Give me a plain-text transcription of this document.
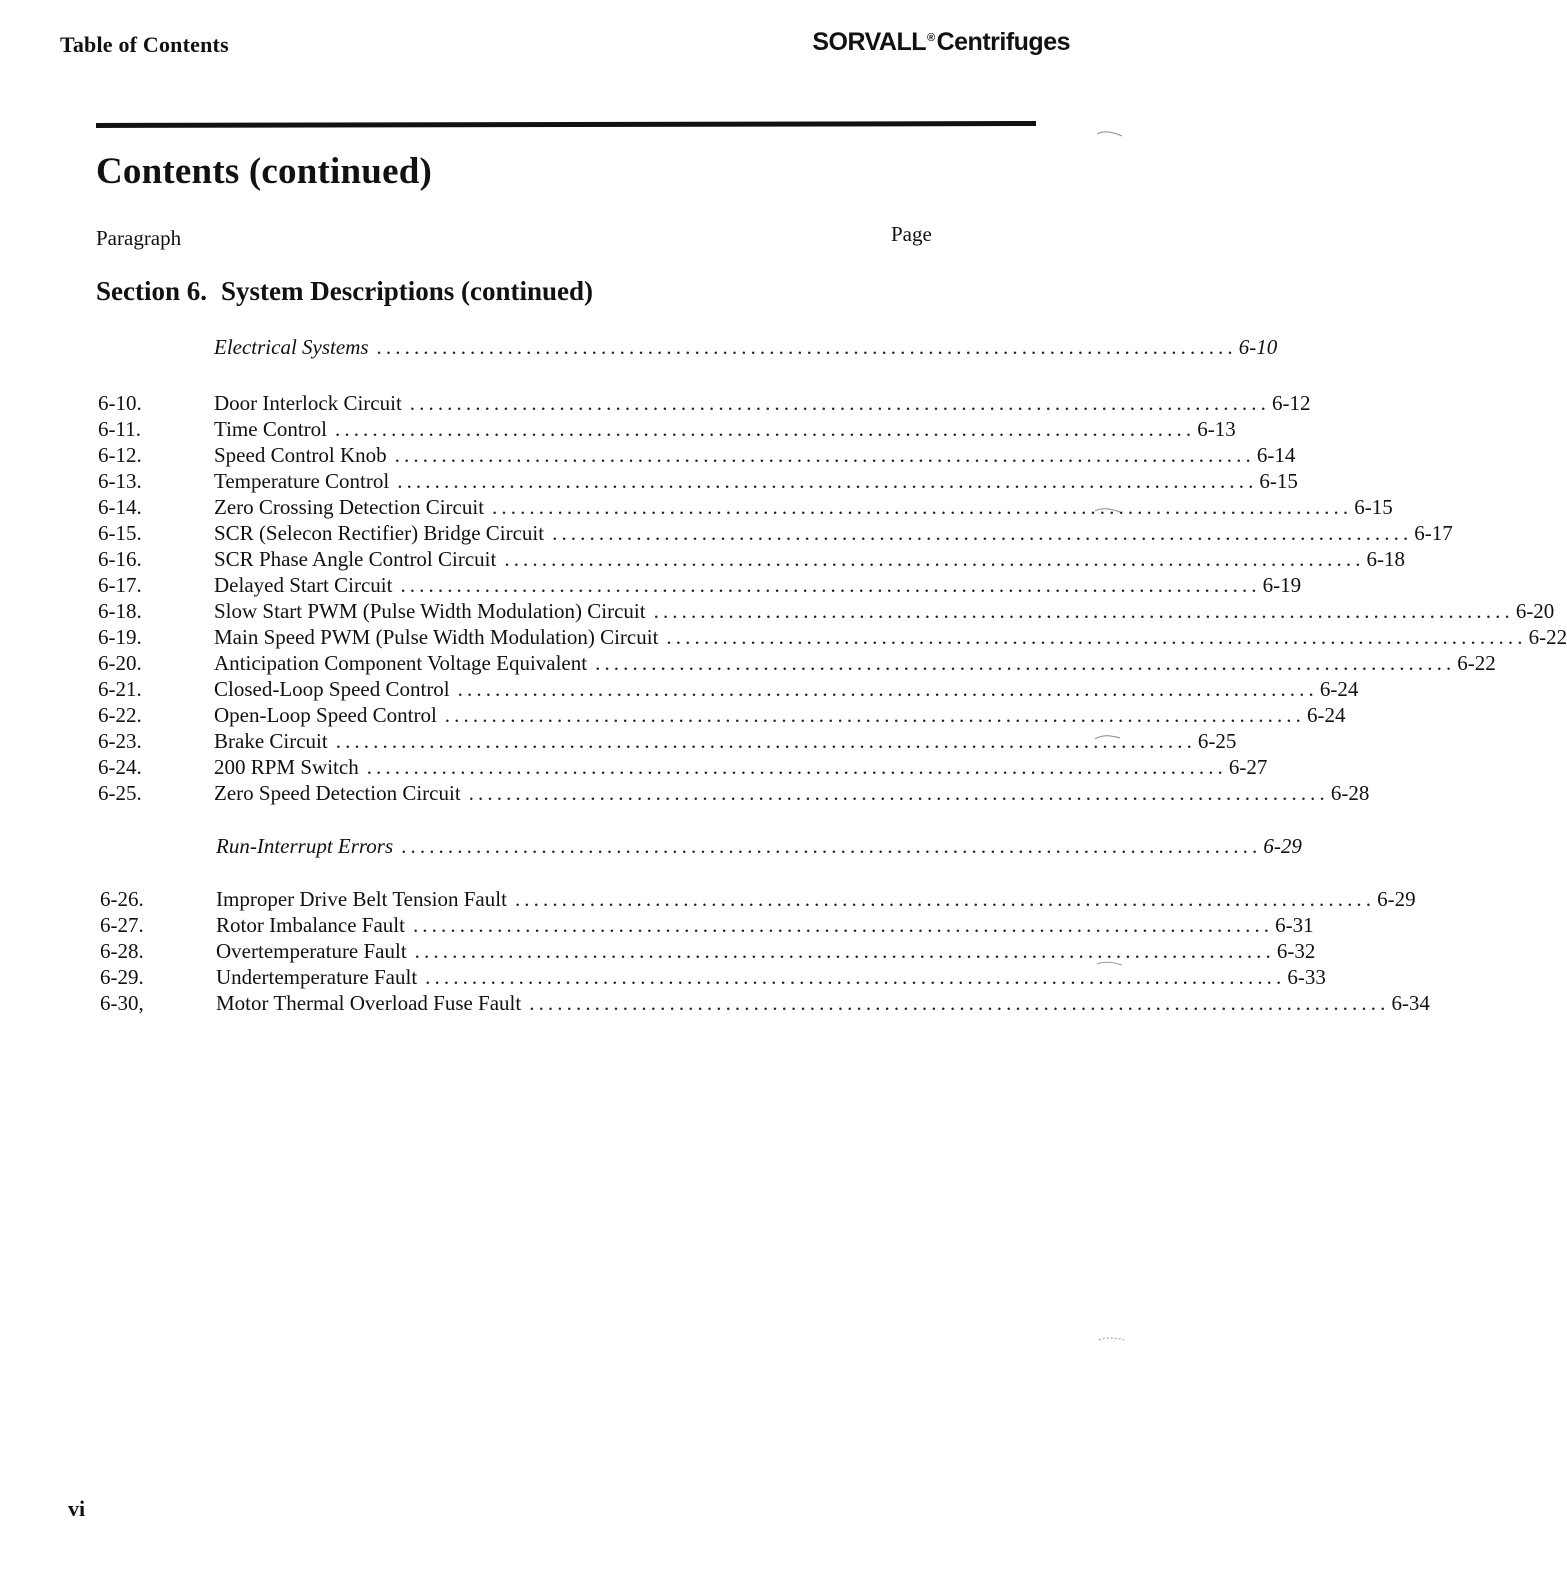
Table of Contents	SORVALL®Centrifuges
Contents (continued)
Paragraph	Page
Section 6. System Descriptions (continued)
Electrical Systems ............................................................................................ 6-10
6-10.	Door Interlock Circuit ............................................................................................ 6-12
6-11.	Time Control ............................................................................................ 6-13
6-12.	Speed Control Knob ............................................................................................ 6-14
6-13.	Temperature Control ............................................................................................ 6-15
6-14.	Zero Crossing Detection Circuit ............................................................................................ 6-15
6-15.	SCR (Selecon Rectifier) Bridge Circuit ............................................................................................ 6-17
6-16.	SCR Phase Angle Control Circuit ............................................................................................ 6-18
6-17.	Delayed Start Circuit ............................................................................................ 6-19
6-18.	Slow Start PWM (Pulse Width Modulation) Circuit ............................................................................................ 6-20
6-19.	Main Speed PWM (Pulse Width Modulation) Circuit ............................................................................................ 6-22
6-20.	Anticipation Component Voltage Equivalent ............................................................................................ 6-22
6-21.	Closed-Loop Speed Control ............................................................................................ 6-24
6-22.	Open-Loop Speed Control ............................................................................................ 6-24
6-23.	Brake Circuit ............................................................................................ 6-25
6-24.	200 RPM Switch ............................................................................................ 6-27
6-25.	Zero Speed Detection Circuit ............................................................................................ 6-28
Run-Interrupt Errors ............................................................................................ 6-29
6-26.	Improper Drive Belt Tension Fault ............................................................................................ 6-29
6-27.	Rotor Imbalance Fault ............................................................................................ 6-31
6-28.	Overtemperature Fault ............................................................................................ 6-32
6-29.	Undertemperature Fault ............................................................................................ 6-33
6-30,	Motor Thermal Overload Fuse Fault ............................................................................................ 6-34
vi
